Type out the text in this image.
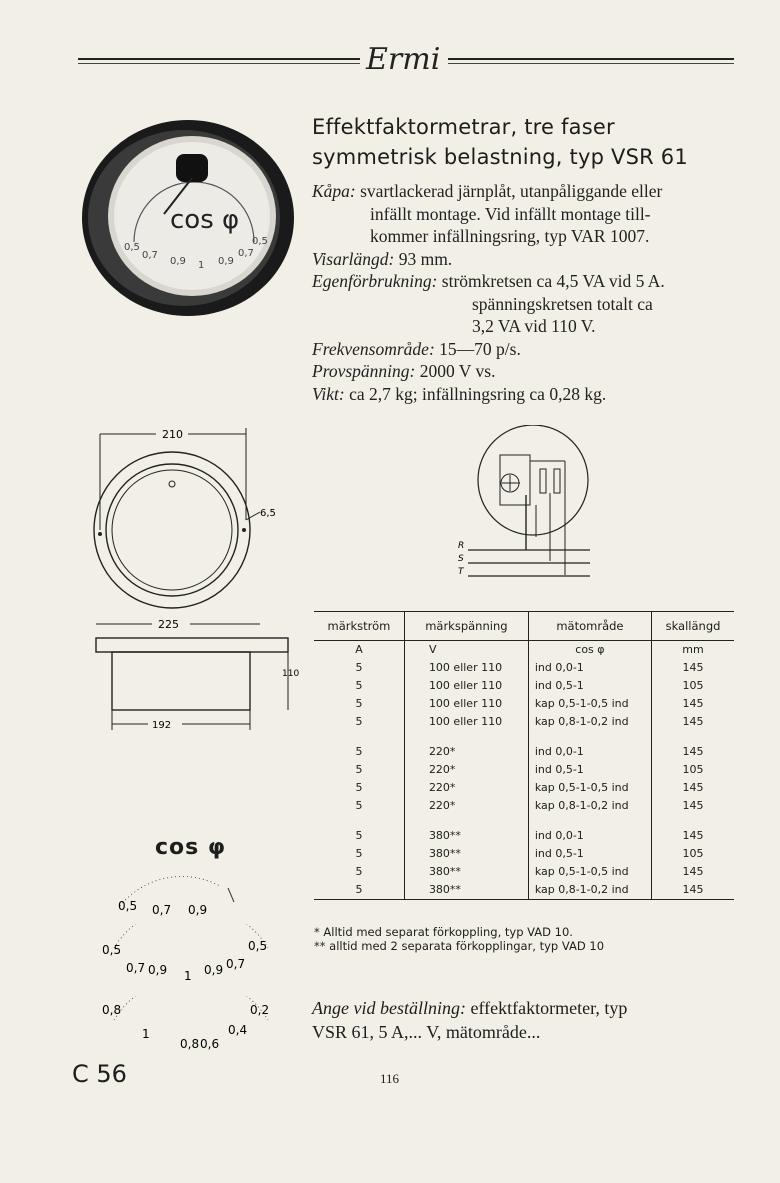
Ermi
cos φ
0,5
0,7
0,9 1 0,9
0,7
0,5
Effektfaktormetrar, tre faser symmetrisk belastning, typ VSR 61
Kåpa: svartlackerad järnplåt, utanpåliggande eller
infällt montage. Vid infällt montage till-
kommer infällningsring, typ VAR 1007.
Visarlängd: 93 mm.
Egenförbrukning: strömkretsen ca 4,5 VA vid 5 A.
spänningskretsen totalt ca
3,2 VA vid 110 V.
Frekvensområde: 15—70 p/s.
Provspänning: 2000 V vs.
Vikt: ca 2,7 kg; infällningsring ca 0,28 kg.
210
6,5
225
110
192
R
S
T
cos φ
0,5 0,7 0,9
0,5
0,7 0,9 1 0,9 0,7
0,5
0,8
1
0,8 0,6
0,4
0,2
märkström	märkspänning	mätområde	skallängd
A	V	cos φ	mm
5	100 eller 110	ind 0,0-1	145
5	100 eller 110	ind 0,5-1	105
5	100 eller 110	kap 0,5-1-0,5 ind	145
5	100 eller 110	kap 0,8-1-0,2 ind	145

5	220*	ind 0,0-1	145
5	220*	ind 0,5-1	105
5	220*	kap 0,5-1-0,5 ind	145
5	220*	kap 0,8-1-0,2 ind	145

5	380**	ind 0,0-1	145
5	380**	ind 0,5-1	105
5	380**	kap 0,5-1-0,5 ind	145
5	380**	kap 0,8-1-0,2 ind	145
* Alltid med separat förkoppling, typ VAD 10.
** alltid med 2 separata förkopplingar, typ VAD 10
Ange vid beställning: effektfaktormeter, typ
VSR 61, 5 A,... V, mätområde...
C 56	116
